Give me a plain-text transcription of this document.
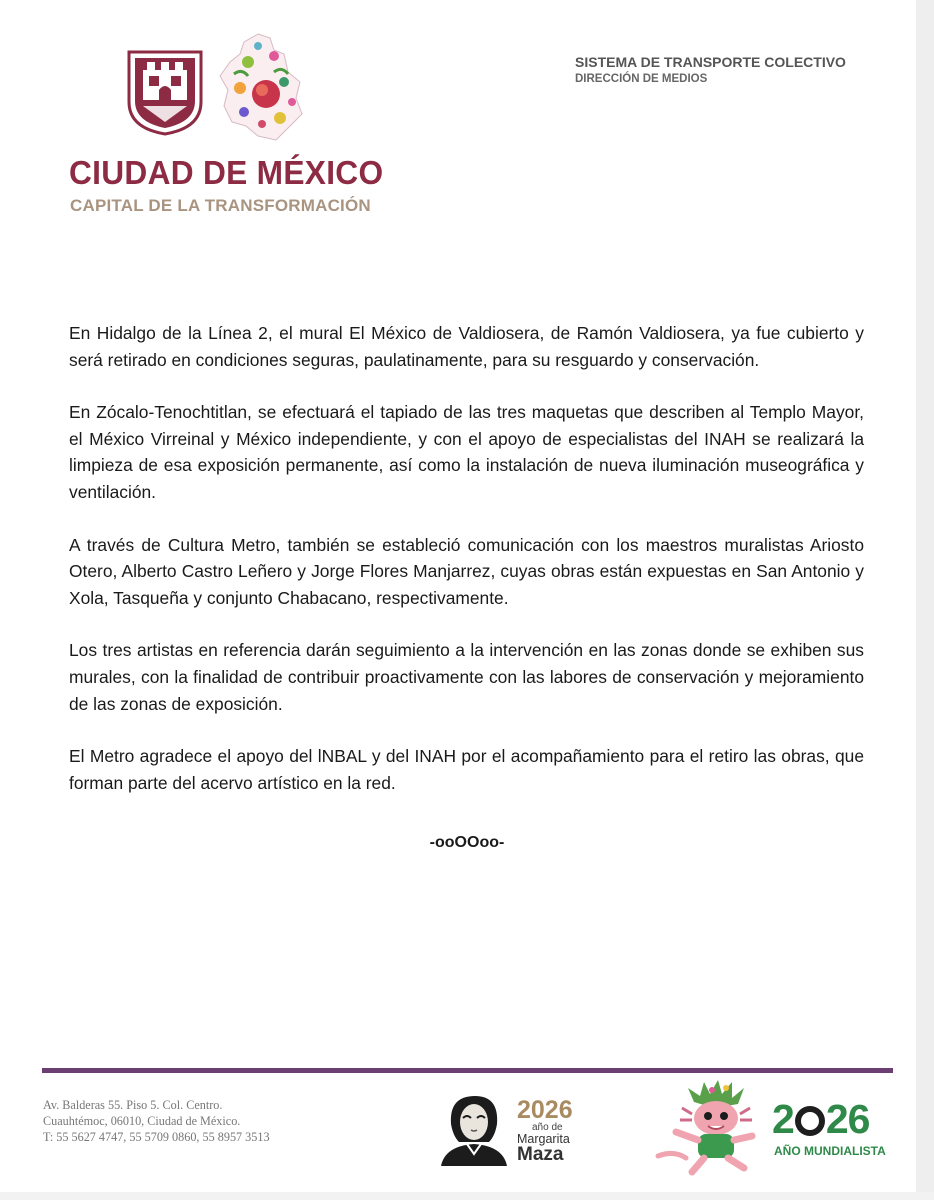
CIUDAD DE MÉXICO
CAPITAL DE LA TRANSFORMACIÓN
SISTEMA DE TRANSPORTE COLECTIVO
DIRECCIÓN DE MEDIOS

En Hidalgo de la Línea 2, el mural El México de Valdiosera, de Ramón Valdiosera, ya fue cubierto y será retirado en condiciones seguras, paulatinamente, para su resguardo y conservación.

En Zócalo-Tenochtitlan, se efectuará el tapiado de las tres maquetas que describen al Templo Mayor, el México Virreinal y México independiente, y con el apoyo de especialistas del INAH se realizará la limpieza de esa exposición permanente, así como la instalación de nueva iluminación museográfica y ventilación.

A través de Cultura Metro, también se estableció comunicación con los maestros muralistas Ariosto Otero, Alberto Castro Leñero y Jorge Flores Manjarrez, cuyas obras están expuestas en San Antonio y Xola, Tasqueña y conjunto Chabacano, respectivamente.

Los tres artistas en referencia darán seguimiento a la intervención en las zonas donde se exhiben sus murales, con la finalidad de contribuir proactivamente con las labores de conservación y mejoramiento de las zonas de exposición.

El Metro agradece el apoyo del lNBAL y del INAH por el acompañamiento para el retiro las obras, que forman parte del acervo artístico en la red.

-ooOOoo-
Av. Balderas 55. Piso 5. Col. Centro.
Cuauhtémoc, 06010, Ciudad de México.
T: 55 5627 4747, 55 5709 0860, 55 8957 3513
2026
año de
Margarita
Maza
2 26
AÑO MUNDIALISTA
